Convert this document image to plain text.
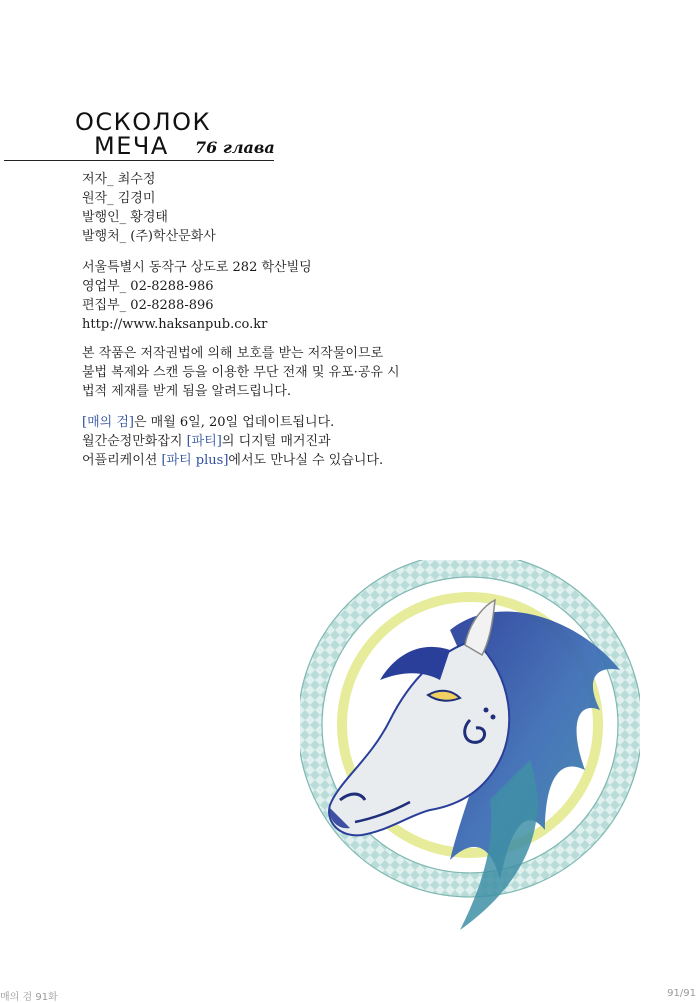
ОСКОЛОК
МЕЧА 76 глава
저자_ 최수정
원작_ 김경미
발행인_ 황경태
발행처_ (주)학산문화사
서울특별시 동작구 상도로 282 학산빌딩
영업부_ 02-8288-986
편집부_ 02-8288-896
http://www.haksanpub.co.kr
본 작품은 저작권법에 의해 보호를 받는 저작물이므로
불법 복제와 스캔 등을 이용한 무단 전재 및 유포·공유 시
법적 제재를 받게 됨을 알려드립니다.
[매의 검]은 매월 6일, 20일 업데이트됩니다.
월간순정만화잡지 [파티]의 디지털 매거진과
어플리케이션 [파티 plus]에서도 만나실 수 있습니다.
매의 검 91화	91/91
